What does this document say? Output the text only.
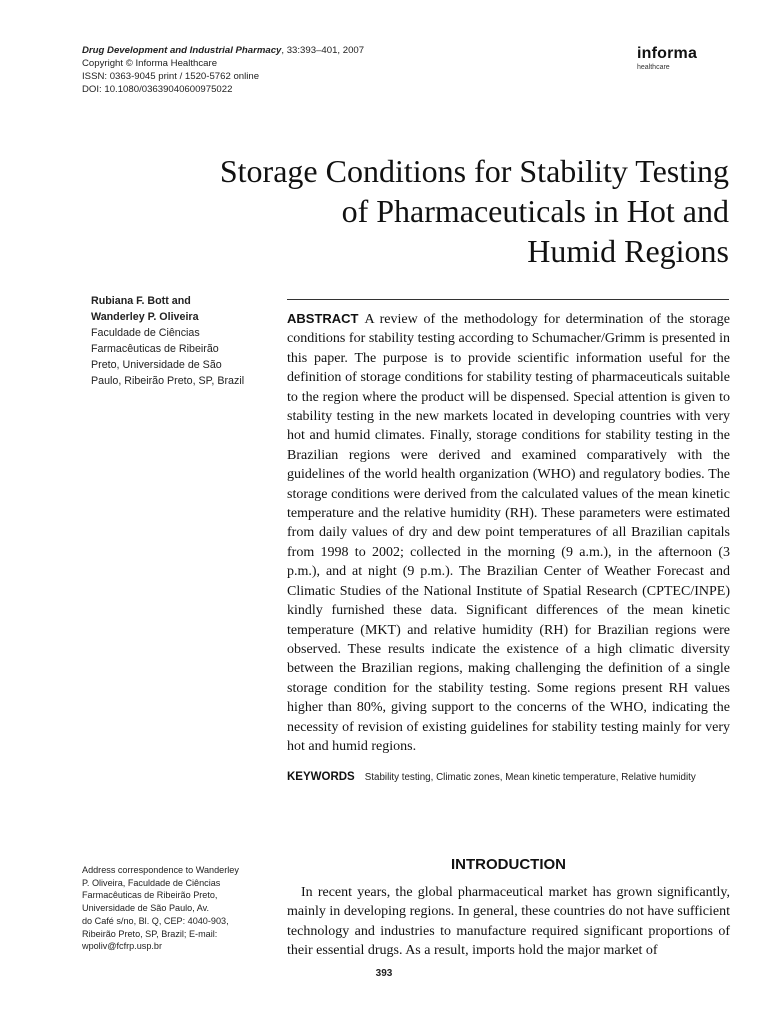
Drug Development and Industrial Pharmacy, 33:393–401, 2007
Copyright © Informa Healthcare
ISSN: 0363-9045 print / 1520-5762 online
DOI: 10.1080/03639040600975022
informa
healthcare
Storage Conditions for Stability Testing
of Pharmaceuticals in Hot and
Humid Regions
Rubiana F. Bott and
Wanderley P. Oliveira
Faculdade de Ciências
Farmacêuticas de Ribeirão
Preto, Universidade de São
Paulo, Ribeirão Preto, SP, Brazil
ABSTRACT A review of the methodology for determination of the storage conditions for stability testing according to Schumacher/Grimm is presented in this paper. The purpose is to provide scientific information useful for the definition of storage conditions for stability testing of pharmaceuticals suitable to the region where the product will be dispensed. Special attention is given to stability testing in the new markets located in developing countries with very hot and humid climates. Finally, storage conditions for stability testing in the Brazilian regions were derived and examined comparatively with the guidelines of the world health organization (WHO) and regulatory bodies. The storage conditions were derived from the calculated values of the mean kinetic temperature and the relative humidity (RH). These parameters were estimated from daily values of dry and dew point temperatures of all Brazilian capitals from 1998 to 2002; collected in the morning (9 a.m.), in the afternoon (3 p.m.), and at night (9 p.m.). The Brazilian Center of Weather Forecast and Climatic Studies of the National Institute of Spatial Research (CPTEC/INPE) kindly furnished these data. Significant differences of the mean kinetic temperature (MKT) and relative humidity (RH) for Brazilian regions were observed. These results indicate the existence of a high climatic diversity between the Brazilian regions, making challenging the definition of a single storage condition for the stability testing. Some regions present RH values higher than 80%, giving support to the concerns of the WHO, indicating the necessity of revision of existing guidelines for stability testing mainly for very hot and humid regions.
KEYWORDS Stability testing, Climatic zones, Mean kinetic temperature, Relative humidity
Address correspondence to Wanderley
P. Oliveira, Faculdade de Ciências
Farmacêuticas de Ribeirão Preto,
Universidade de São Paulo, Av.
do Café s/no, Bl. Q, CEP: 4040-903,
Ribeirão Preto, SP, Brazil; E-mail:
wpoliv@fcfrp.usp.br
INTRODUCTION
In recent years, the global pharmaceutical market has grown significantly, mainly in developing regions. In general, these countries do not have sufficient technology and industries to manufacture required significant proportions of their essential drugs. As a result, imports hold the major market of
393
